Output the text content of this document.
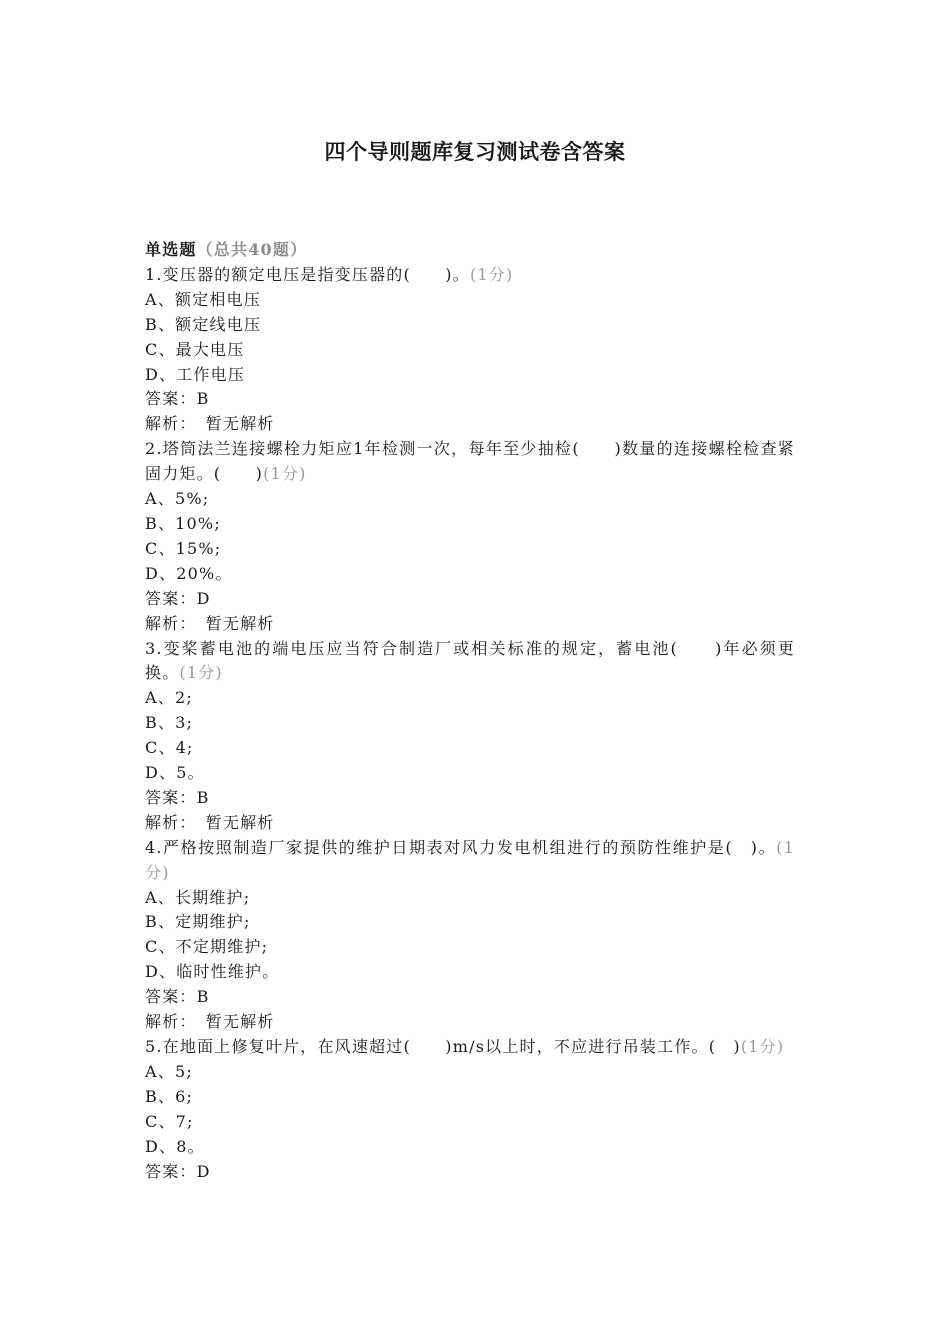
四个导则题库复习测试卷含答案
单选题（总共40题）
1.变压器的额定电压是指变压器的(　　)。(1分)
A、额定相电压
B、额定线电压
C、最大电压
D、工作电压
答案：B
解析：　暂无解析
2.塔筒法兰连接螺栓力矩应1年检测一次，每年至少抽检(　　)数量的连接螺栓检查紧固力矩。(　　)(1分)
A、5%;
B、10%;
C、15%;
D、20%。
答案：D
解析：　暂无解析
3.变桨蓄电池的端电压应当符合制造厂或相关标准的规定，蓄电池(　　)年必须更换。(1分)
A、2;
B、3;
C、4;
D、5。
答案：B
解析：　暂无解析
4.严格按照制造厂家提供的维护日期表对风力发电机组进行的预防性维护是(　)。(1分)
A、长期维护;
B、定期维护;
C、不定期维护;
D、临时性维护。
答案：B
解析：　暂无解析
5.在地面上修复叶片，在风速超过(　　)m/s以上时，不应进行吊装工作。(　)(1分)
A、5;
B、6;
C、7;
D、8。
答案：D
